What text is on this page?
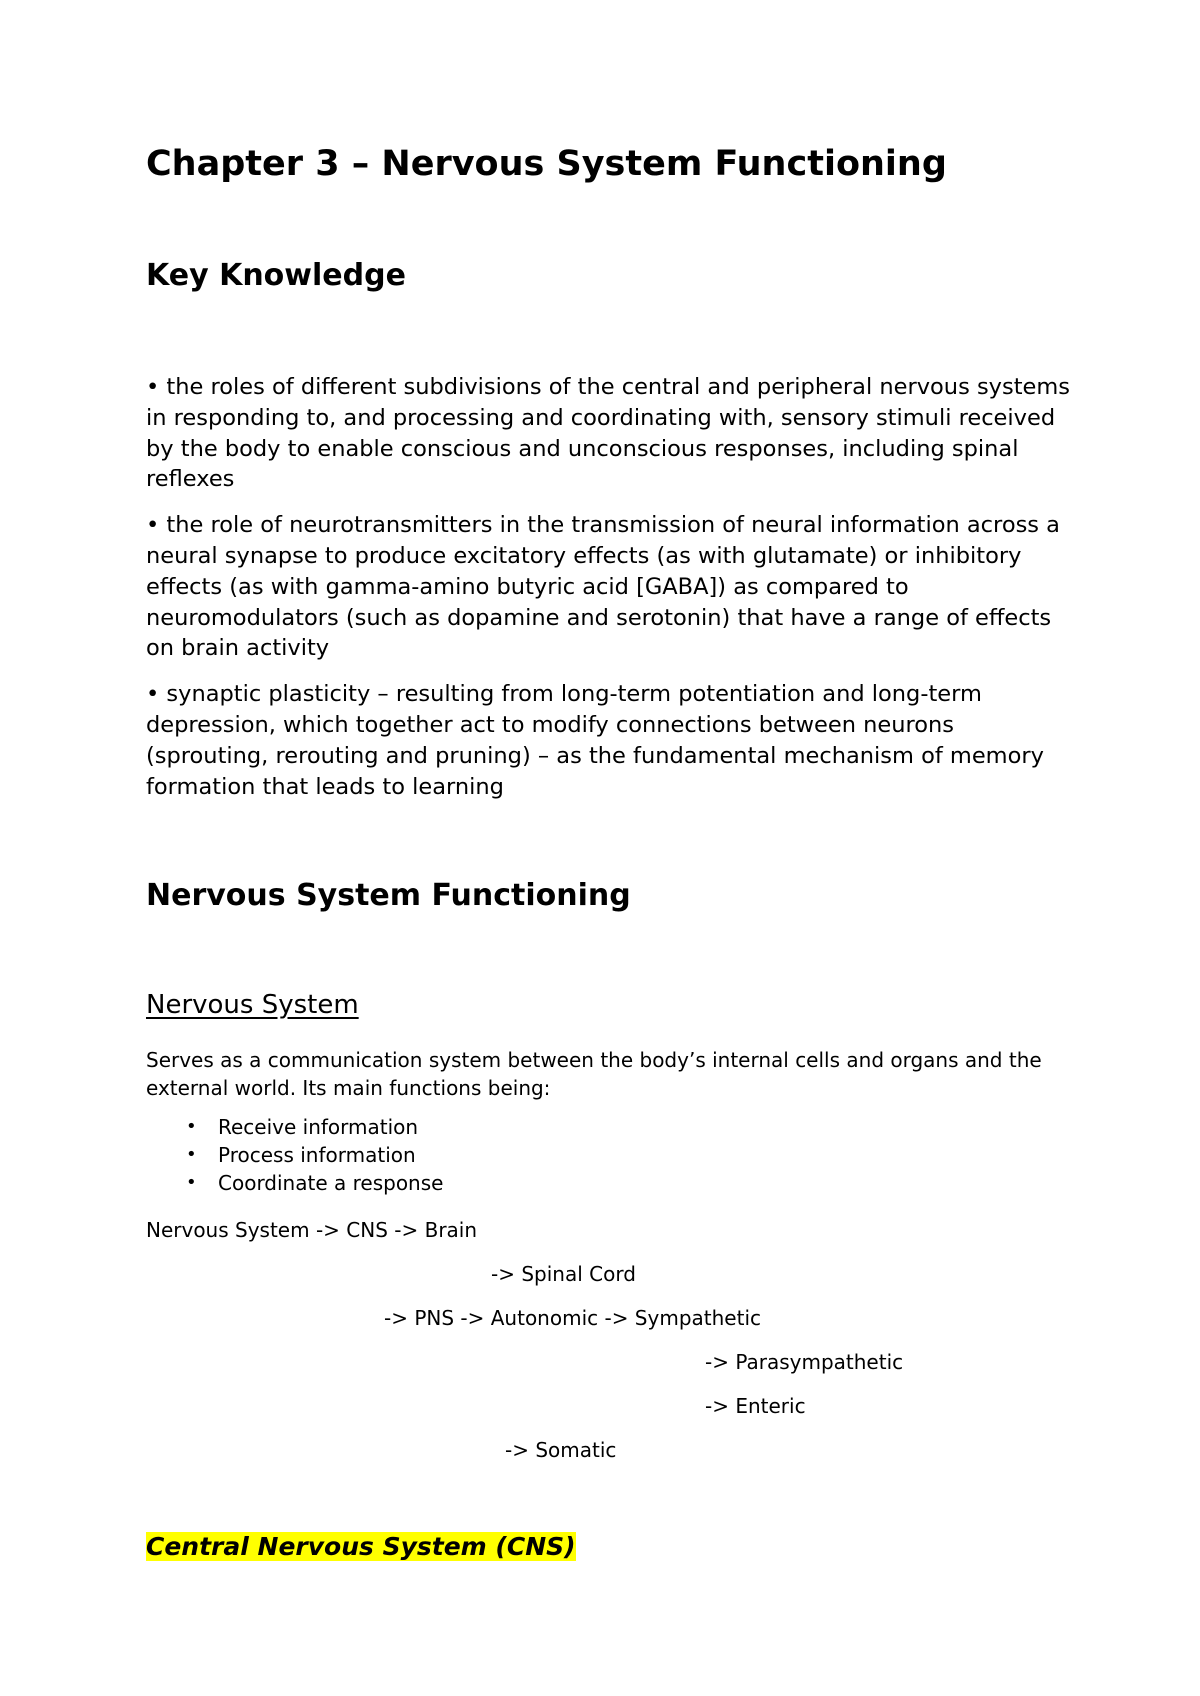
Chapter 3 – Nervous System Functioning
Key Knowledge
• the roles of different subdivisions of the central and peripheral nervous systems in responding to, and processing and coordinating with, sensory stimuli received by the body to enable conscious and unconscious responses, including spinal reflexes
• the role of neurotransmitters in the transmission of neural information across a neural synapse to produce excitatory effects (as with glutamate) or inhibitory effects (as with gamma-amino butyric acid [GABA]) as compared to neuromodulators (such as dopamine and serotonin) that have a range of effects on brain activity
• synaptic plasticity – resulting from long-term potentiation and long-term depression, which together act to modify connections between neurons (sprouting, rerouting and pruning) – as the fundamental mechanism of memory formation that leads to learning
Nervous System Functioning
Nervous System
Serves as a communication system between the body’s internal cells and organs and the external world. Its main functions being:
• Receive information
• Process information
• Coordinate a response
Nervous System -> CNS -> Brain
-> Spinal Cord
-> PNS -> Autonomic -> Sympathetic
-> Parasympathetic
-> Enteric
-> Somatic
Central Nervous System (CNS)
